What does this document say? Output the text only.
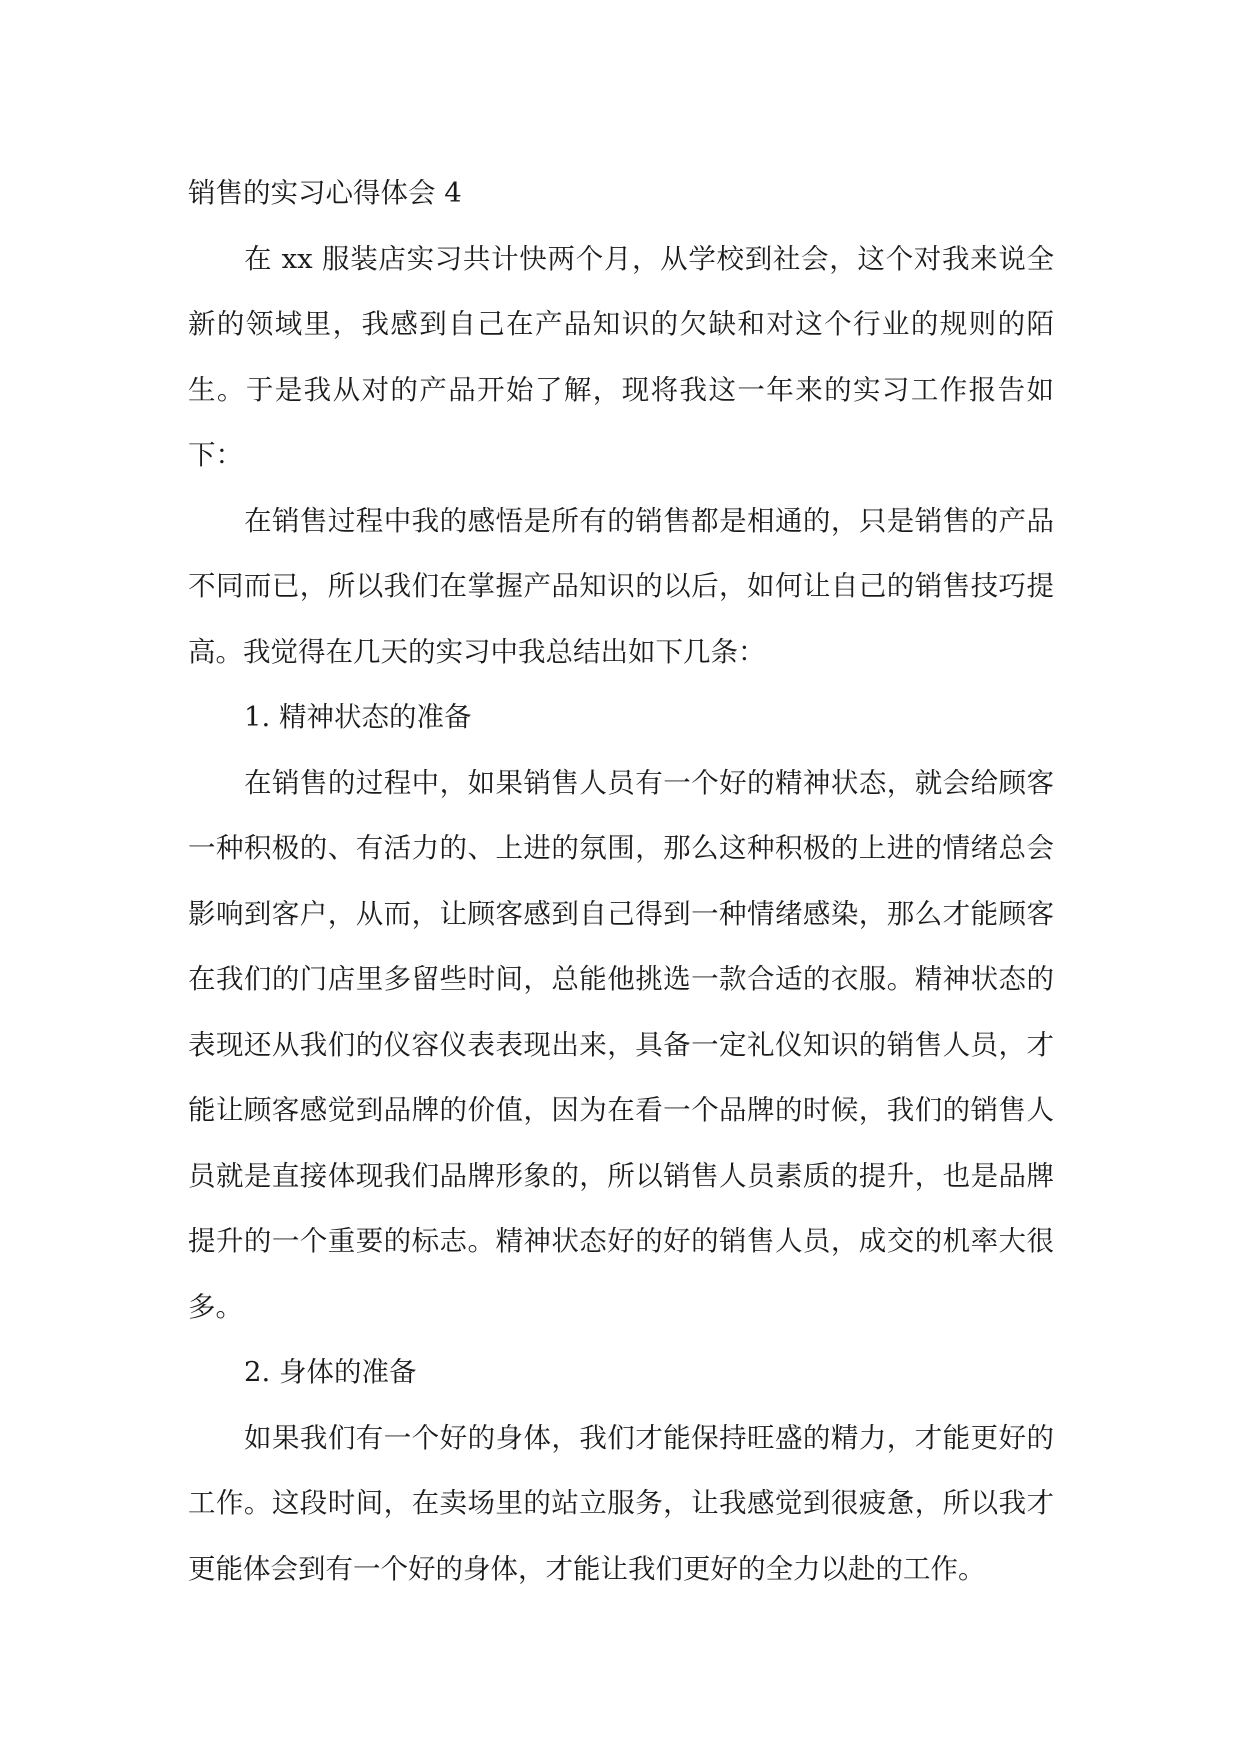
销售的实习心得体会 4

在 xx 服装店实习共计快两个月，从学校到社会，这个对我来说全新的领域里，我感到自己在产品知识的欠缺和对这个行业的规则的陌生。于是我从对的产品开始了解，现将我这一年来的实习工作报告如下：

在销售过程中我的感悟是所有的销售都是相通的，只是销售的产品不同而已，所以我们在掌握产品知识的以后，如何让自己的销售技巧提高。我觉得在几天的实习中我总结出如下几条：

1. 精神状态的准备

在销售的过程中，如果销售人员有一个好的精神状态，就会给顾客一种积极的、有活力的、上进的氛围，那么这种积极的上进的情绪总会影响到客户，从而，让顾客感到自己得到一种情绪感染，那么才能顾客在我们的门店里多留些时间，总能他挑选一款合适的衣服。精神状态的表现还从我们的仪容仪表表现出来，具备一定礼仪知识的销售人员，才能让顾客感觉到品牌的价值，因为在看一个品牌的时候，我们的销售人员就是直接体现我们品牌形象的，所以销售人员素质的提升，也是品牌提升的一个重要的标志。精神状态好的好的销售人员，成交的机率大很多。

2. 身体的准备

如果我们有一个好的身体，我们才能保持旺盛的精力，才能更好的工作。这段时间，在卖场里的站立服务，让我感觉到很疲惫，所以我才更能体会到有一个好的身体，才能让我们更好的全力以赴的工作。
